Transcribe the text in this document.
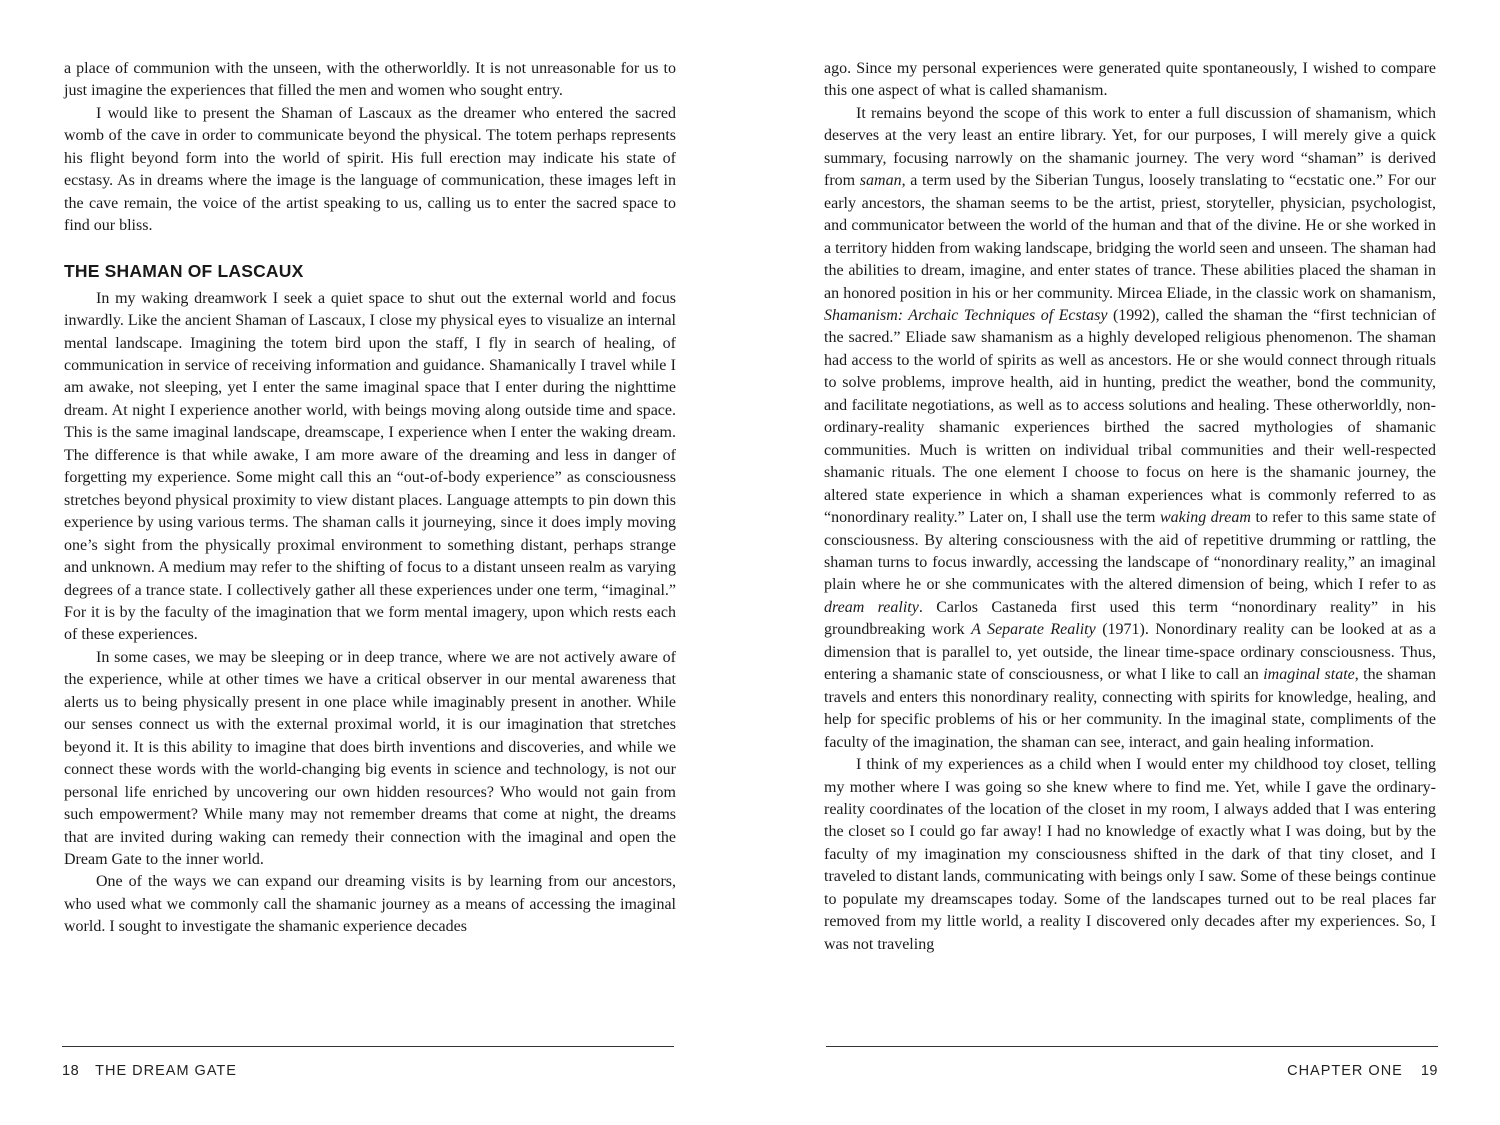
a place of communion with the unseen, with the otherworldly. It is not unreasonable for us to just imagine the experiences that filled the men and women who sought entry.

I would like to present the Shaman of Lascaux as the dreamer who entered the sacred womb of the cave in order to communicate beyond the physical. The totem perhaps represents his flight beyond form into the world of spirit. His full erection may indicate his state of ecstasy. As in dreams where the image is the language of communication, these images left in the cave remain, the voice of the artist speaking to us, calling us to enter the sacred space to find our bliss.

THE SHAMAN OF LASCAUX

In my waking dreamwork I seek a quiet space to shut out the external world and focus inwardly. Like the ancient Shaman of Lascaux, I close my physical eyes to visualize an internal mental landscape. Imagining the totem bird upon the staff, I fly in search of healing, of communication in service of receiving information and guidance. Shamanically I travel while I am awake, not sleeping, yet I enter the same imaginal space that I enter during the nighttime dream. At night I experience another world, with beings moving along outside time and space. This is the same imaginal landscape, dreamscape, I experience when I enter the waking dream. The difference is that while awake, I am more aware of the dreaming and less in danger of forgetting my experience. Some might call this an “out-of-body experience” as consciousness stretches beyond physical proximity to view distant places. Language attempts to pin down this experience by using various terms. The shaman calls it journeying, since it does imply moving one’s sight from the physically proximal environment to something distant, perhaps strange and unknown. A medium may refer to the shifting of focus to a distant unseen realm as varying degrees of a trance state. I collectively gather all these experiences under one term, “imaginal.” For it is by the faculty of the imagination that we form mental imagery, upon which rests each of these experiences.

In some cases, we may be sleeping or in deep trance, where we are not actively aware of the experience, while at other times we have a critical observer in our mental awareness that alerts us to being physically present in one place while imaginably present in another. While our senses connect us with the external proximal world, it is our imagination that stretches beyond it. It is this ability to imagine that does birth inventions and discoveries, and while we connect these words with the world-changing big events in science and technology, is not our personal life enriched by uncovering our own hidden resources? Who would not gain from such empowerment? While many may not remember dreams that come at night, the dreams that are invited during waking can remedy their connection with the imaginal and open the Dream Gate to the inner world.

One of the ways we can expand our dreaming visits is by learning from our ancestors, who used what we commonly call the shamanic journey as a means of accessing the imaginal world. I sought to investigate the shamanic experience decades

ago. Since my personal experiences were generated quite spontaneously, I wished to compare this one aspect of what is called shamanism.

It remains beyond the scope of this work to enter a full discussion of shamanism, which deserves at the very least an entire library. Yet, for our purposes, I will merely give a quick summary, focusing narrowly on the shamanic journey. The very word “shaman” is derived from saman, a term used by the Siberian Tungus, loosely translating to “ecstatic one.” For our early ancestors, the shaman seems to be the artist, priest, storyteller, physician, psychologist, and communicator between the world of the human and that of the divine. He or she worked in a territory hidden from waking landscape, bridging the world seen and unseen. The shaman had the abilities to dream, imagine, and enter states of trance. These abilities placed the shaman in an honored position in his or her community. Mircea Eliade, in the classic work on shamanism, Shamanism: Archaic Techniques of Ecstasy (1992), called the shaman the “first technician of the sacred.” Eliade saw shamanism as a highly developed religious phenomenon. The shaman had access to the world of spirits as well as ancestors. He or she would connect through rituals to solve problems, improve health, aid in hunting, predict the weather, bond the community, and facilitate negotiations, as well as to access solutions and healing. These otherworldly, non-ordinary-reality shamanic experiences birthed the sacred mythologies of shamanic communities. Much is written on individual tribal communities and their well-respected shamanic rituals. The one element I choose to focus on here is the shamanic journey, the altered state experience in which a shaman experiences what is commonly referred to as “nonordinary reality.” Later on, I shall use the term waking dream to refer to this same state of consciousness. By altering consciousness with the aid of repetitive drumming or rattling, the shaman turns to focus inwardly, accessing the landscape of “nonordinary reality,” an imaginal plain where he or she communicates with the altered dimension of being, which I refer to as dream reality. Carlos Castaneda first used this term “nonordinary reality” in his groundbreaking work A Separate Reality (1971). Nonordinary reality can be looked at as a dimension that is parallel to, yet outside, the linear time-space ordinary consciousness. Thus, entering a shamanic state of consciousness, or what I like to call an imaginal state, the shaman travels and enters this nonordinary reality, connecting with spirits for knowledge, healing, and help for specific problems of his or her community. In the imaginal state, compliments of the faculty of the imagination, the shaman can see, interact, and gain healing information.

I think of my experiences as a child when I would enter my childhood toy closet, telling my mother where I was going so she knew where to find me. Yet, while I gave the ordinary-reality coordinates of the location of the closet in my room, I always added that I was entering the closet so I could go far away! I had no knowledge of exactly what I was doing, but by the faculty of my imagination my consciousness shifted in the dark of that tiny closet, and I traveled to distant lands, communicating with beings only I saw. Some of these beings continue to populate my dreamscapes today. Some of the landscapes turned out to be real places far removed from my little world, a reality I discovered only decades after my experiences. So, I was not traveling

18 THE DREAM GATE	CHAPTER ONE 19
